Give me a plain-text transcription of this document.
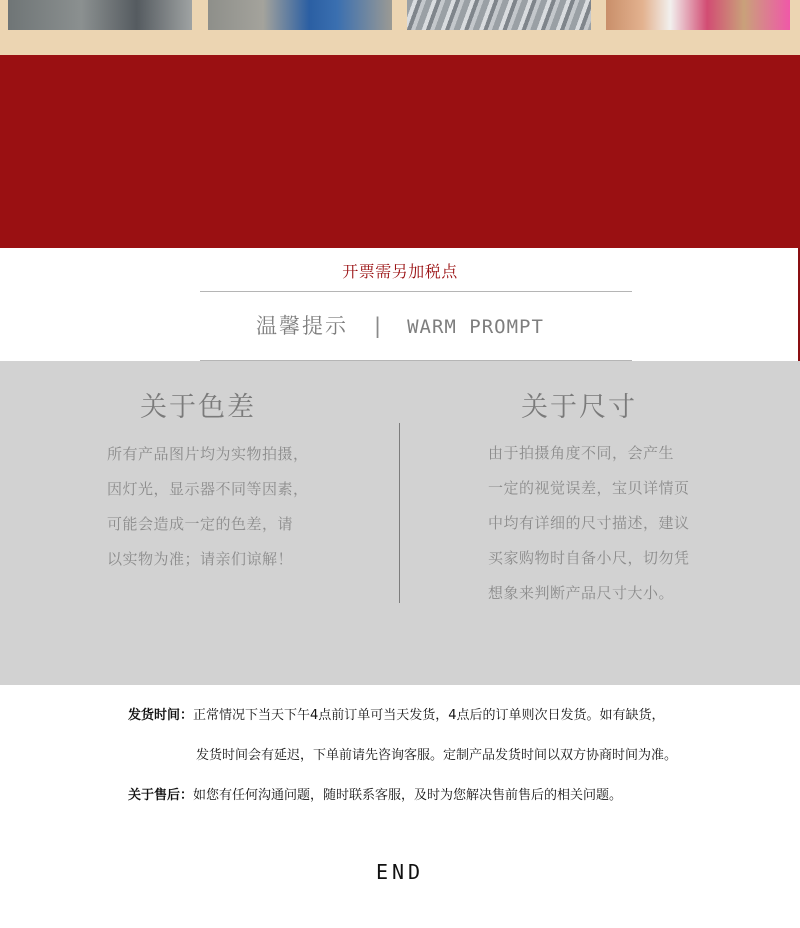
开票需另加税点
温馨提示 | WARM PROMPT
关于色差
所有产品图片均为实物拍摄，
因灯光，显示器不同等因素，
可能会造成一定的色差，请
以实物为准；请亲们谅解！
关于尺寸
由于拍摄角度不同，会产生
一定的视觉误差，宝贝详情页
中均有详细的尺寸描述，建议
买家购物时自备小尺，切勿凭
想象来判断产品尺寸大小。
发货时间：正常情况下当天下午4点前订单可当天发货，4点后的订单则次日发货。如有缺货，
发货时间会有延迟，下单前请先咨询客服。定制产品发货时间以双方协商时间为准。
关于售后：如您有任何沟通问题，随时联系客服，及时为您解决售前售后的相关问题。
END
